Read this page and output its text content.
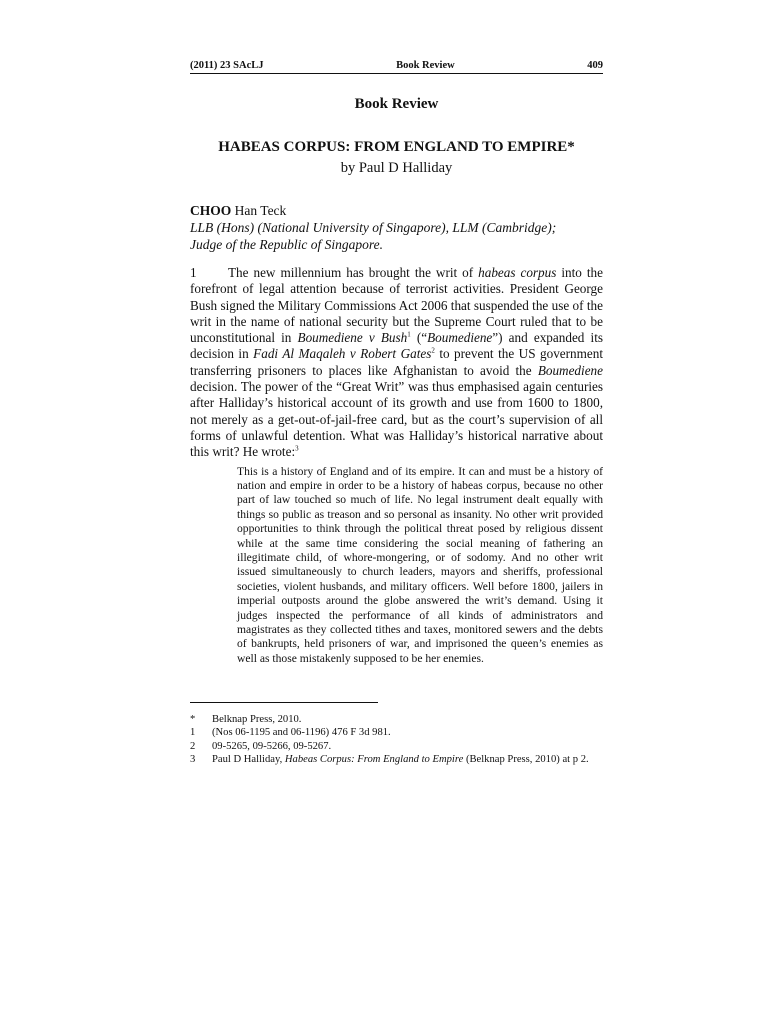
(2011) 23 SAcLJ	Book Review	409
Book Review
HABEAS CORPUS: FROM ENGLAND TO EMPIRE*
by Paul D Halliday
CHOO Han Teck
LLB (Hons) (National University of Singapore), LLM (Cambridge);
Judge of the Republic of Singapore.
1 The new millennium has brought the writ of habeas corpus into the forefront of legal attention because of terrorist activities. President George Bush signed the Military Commissions Act 2006 that suspended the use of the writ in the name of national security but the Supreme Court ruled that to be unconstitutional in Boumediene v Bush$^1$ (“Boumediene”) and expanded its decision in Fadi Al Maqaleh v Robert Gates$^2$ to prevent the US government transferring prisoners to places like Afghanistan to avoid the Boumediene decision. The power of the “Great Writ” was thus emphasised again centuries after Halliday’s historical account of its growth and use from 1600 to 1800, not merely as a get-out-of-jail-free card, but as the court’s supervision of all forms of unlawful detention. What was Halliday’s historical narrative about this writ? He wrote:$^3$
This is a history of England and of its empire. It can and must be a history of nation and empire in order to be a history of habeas corpus, because no other part of law touched so much of life. No legal instrument dealt equally with things so public as treason and so personal as insanity. No other writ provided opportunities to think through the political threat posed by religious dissent while at the same time considering the social meaning of fathering an illegitimate child, of whore-mongering, or of sodomy. And no other writ issued simultaneously to church leaders, mayors and sheriffs, professional societies, violent husbands, and military officers. Well before 1800, jailers in imperial outposts around the globe answered the writ’s demand. Using it judges inspected the performance of all kinds of administrators and magistrates as they collected tithes and taxes, monitored sewers and the debts of bankrupts, held prisoners of war, and imprisoned the queen’s enemies as well as those mistakenly supposed to be her enemies.
*	Belknap Press, 2010.
1	(Nos 06-1195 and 06-1196) 476 F 3d 981.
2	09-5265, 09-5266, 09-5267.
3	Paul D Halliday, Habeas Corpus: From England to Empire (Belknap Press, 2010) at p 2.
